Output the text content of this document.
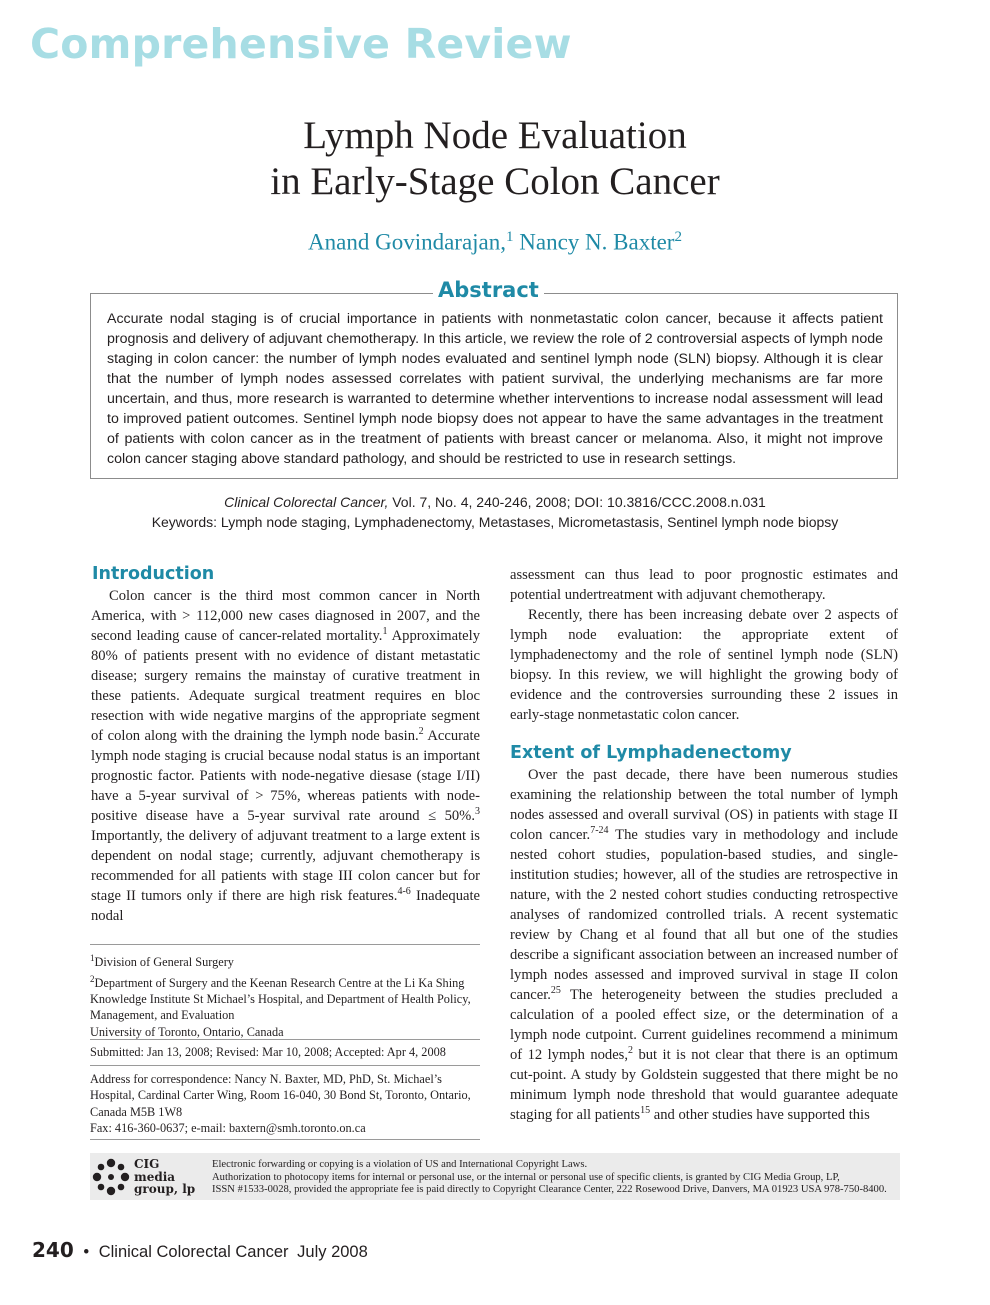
Comprehensive Review
Lymph Node Evaluation
in Early-Stage Colon Cancer
Anand Govindarajan,$^1$ Nancy N. Baxter$^2$
Abstract
Accurate nodal staging is of crucial importance in patients with nonmetastatic colon cancer, because it affects patient prognosis and delivery of adjuvant chemotherapy. In this article, we review the role of 2 controversial aspects of lymph node staging in colon cancer: the number of lymph nodes evaluated and sentinel lymph node (SLN) biopsy. Although it is clear that the number of lymph nodes assessed correlates with patient survival, the underlying mechanisms are far more uncertain, and thus, more research is warranted to determine whether interventions to increase nodal assessment will lead to improved patient outcomes. Sentinel lymph node biopsy does not appear to have the same advantages in the treatment of patients with colon cancer as in the treatment of patients with breast cancer or melanoma. Also, it might not improve colon cancer staging above standard pathology, and should be restricted to use in research settings.
Clinical Colorectal Cancer, Vol. 7, No. 4, 240-246, 2008; DOI: 10.3816/CCC.2008.n.031
Keywords: Lymph node staging, Lymphadenectomy, Metastases, Micrometastasis, Sentinel lymph node biopsy
Introduction

Colon cancer is the third most common cancer in North America, with > 112,000 new cases diagnosed in 2007, and the second leading cause of cancer-related mortality.$^1$ Approximately 80% of patients present with no evidence of distant metastatic disease; surgery remains the mainstay of curative treatment in these patients. Adequate surgical treatment requires en bloc resection with wide negative margins of the appropriate segment of colon along with the draining the lymph node basin.$^2$ Accurate lymph node staging is crucial because nodal status is an important prognostic factor. Patients with node-negative diesase (stage I/II) have a 5-year survival of > 75%, whereas patients with node-positive disease have a 5-year survival rate around ≤ 50%.$^3$ Importantly, the delivery of adjuvant treatment to a large extent is dependent on nodal stage; currently, adjuvant chemotherapy is recommended for all patients with stage III colon cancer but for stage II tumors only if there are high risk features.$^{4-6}$ Inadequate nodal

$^1$Division of General Surgery
$^2$Department of Surgery and the Keenan Research Centre at the Li Ka Shing Knowledge Institute St Michael’s Hospital, and Department of Health Policy, Management, and Evaluation
University of Toronto, Ontario, Canada
Submitted: Jan 13, 2008; Revised: Mar 10, 2008; Accepted: Apr 4, 2008
Address for correspondence: Nancy N. Baxter, MD, PhD, St. Michael’s Hospital, Cardinal Carter Wing, Room 16-040, 30 Bond St, Toronto, Ontario, Canada M5B 1W8
Fax: 416-360-0637; e-mail: baxtern@smh.toronto.on.ca

assessment can thus lead to poor prognostic estimates and potential undertreatment with adjuvant chemotherapy.

Recently, there has been increasing debate over 2 aspects of lymph node evaluation: the appropriate extent of lymphadenectomy and the role of sentinel lymph node (SLN) biopsy. In this review, we will highlight the growing body of evidence and the controversies surrounding these 2 issues in early-stage nonmetastatic colon cancer.

Extent of Lymphadenectomy

Over the past decade, there have been numerous studies examining the relationship between the total number of lymph nodes assessed and overall survival (OS) in patients with stage II colon cancer.$^{7-24}$ The studies vary in methodology and include nested cohort studies, population-based studies, and single-institution studies; however, all of the studies are retrospective in nature, with the 2 nested cohort studies conducting retrospective analyses of randomized controlled trials. A recent systematic review by Chang et al found that all but one of the studies describe a significant association between an increased number of lymph nodes assessed and improved survival in stage II colon cancer.$^{25}$ The heterogeneity between the studies precluded a calculation of a pooled effect size, or the determination of a lymph node cutpoint. Current guidelines recommend a minimum of 12 lymph nodes,$^2$ but it is not clear that there is an optimum cut-point. A study by Goldstein suggested that there might be no minimum lymph node threshold that would guarantee adequate staging for all patients$^{15}$ and other studies have supported this

CIG
media
group, lp
Electronic forwarding or copying is a violation of US and International Copyright Laws.
Authorization to photocopy items for internal or personal use, or the internal or personal use of specific clients, is granted by CIG Media Group, LP,
ISSN #1533-0028, provided the appropriate fee is paid directly to Copyright Clearance Center, 222 Rosewood Drive, Danvers, MA 01923 USA 978-750-8400.
240 • Clinical Colorectal Cancer July 2008
